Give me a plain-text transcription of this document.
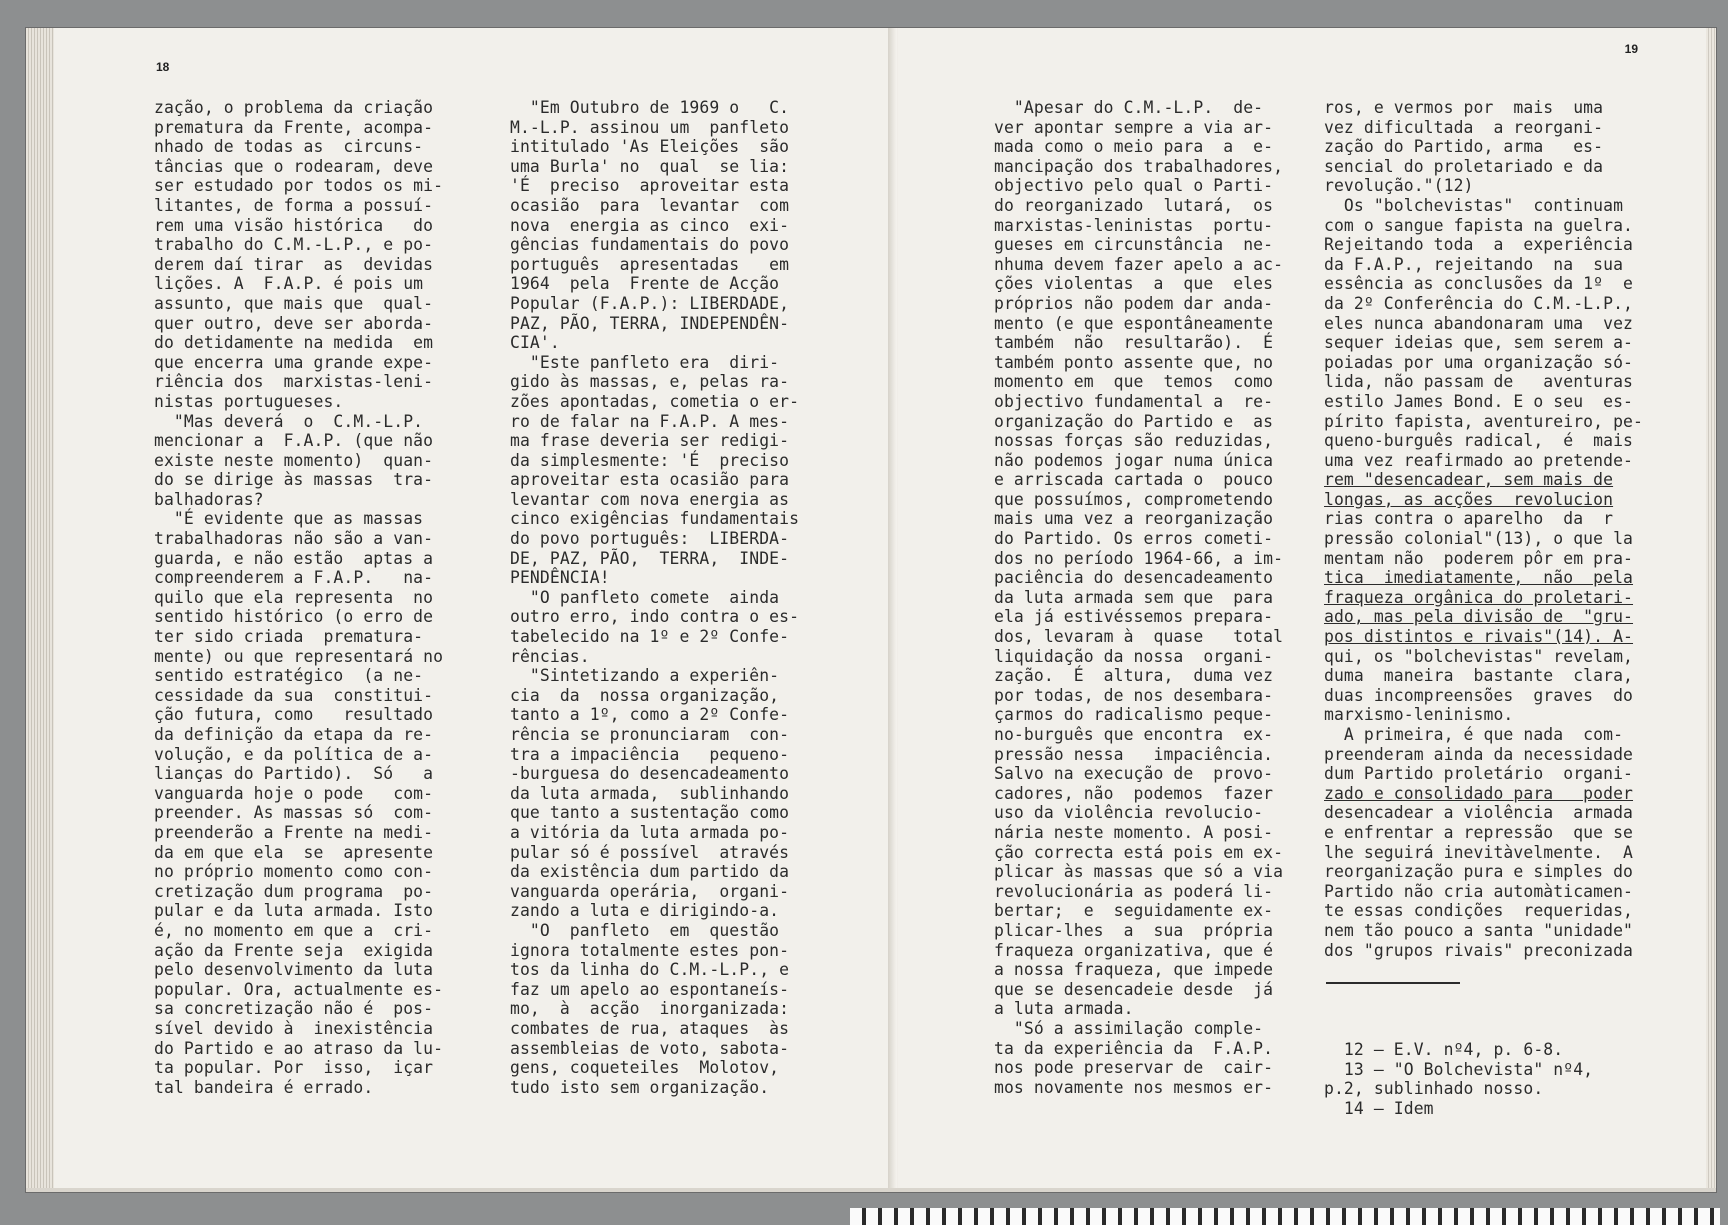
18
zação, o problema da criação
prematura da Frente, acompa-
nhado de todas as  circuns-
tâncias que o rodearam, deve
ser estudado por todos os mi-
litantes, de forma a possuí-
rem uma visão histórica   do
trabalho do C.M.-L.P., e po-
derem daí tirar  as  devidas
lições. A  F.A.P. é pois um
assunto, que mais que  qual-
quer outro, deve ser aborda-
do detidamente na medida  em
que encerra uma grande expe-
riência dos  marxistas-leni-
nistas portugueses.
"Mas deverá  o  C.M.-L.P.
mencionar a  F.A.P. (que não
existe neste momento)  quan-
do se dirige às massas  tra-
balhadoras?
"É evidente que as massas
trabalhadoras não são a van-
guarda, e não estão  aptas a
compreenderem a F.A.P.   na-
quilo que ela representa  no
sentido histórico (o erro de
ter sido criada  prematura-
mente) ou que representará no
sentido estratégico  (a ne-
cessidade da sua  constitui-
ção futura, como   resultado
da definição da etapa da re-
volução, e da política de a-
lianças do Partido).  Só   a
vanguarda hoje o pode   com-
preender. As massas só  com-
preenderão a Frente na medi-
da em que ela  se  apresente
no próprio momento como con-
cretização dum programa  po-
pular e da luta armada. Isto
é, no momento em que a  cri-
ação da Frente seja  exigida
pelo desenvolvimento da luta
popular. Ora, actualmente es-
sa concretização não é  pos-
sível devido à  inexistência
do Partido e ao atraso da lu-
ta popular. Por  isso,  içar
tal bandeira é errado.
"Em Outubro de 1969 o   C.
M.-L.P. assinou um  panfleto
intitulado 'As Eleições  são
uma Burla' no  qual  se lia:
'É  preciso  aproveitar esta
ocasião  para  levantar  com
nova  energia as cinco  exi-
gências fundamentais do povo
português  apresentadas   em
1964  pela  Frente de Acção
Popular (F.A.P.): LIBERDADE,
PAZ, PÃO, TERRA, INDEPENDÊN-
CIA'.
"Este panfleto era  diri-
gido às massas, e, pelas ra-
zões apontadas, cometia o er-
ro de falar na F.A.P. A mes-
ma frase deveria ser redigi-
da simplesmente: 'É  preciso
aproveitar esta ocasião para
levantar com nova energia as
cinco exigências fundamentais
do povo português:  LIBERDA-
DE, PAZ, PÃO,  TERRA,  INDE-
PENDÊNCIA!
"O panfleto comete  ainda
outro erro, indo contra o es-
tabelecido na 1º e 2º Confe-
rências.
"Sintetizando a experiên-
cia  da  nossa organização,
tanto a 1º, como a 2º Confe-
rência se pronunciaram  con-
tra a impaciência   pequeno-
-burguesa do desencadeamento
da luta armada,  sublinhando
que tanto a sustentação como
a vitória da luta armada po-
pular só é possível  através
da existência dum partido da
vanguarda operária,  organi-
zando a luta e dirigindo-a.
"O  panfleto  em  questão
ignora totalmente estes pon-
tos da linha do C.M.-L.P., e
faz um apelo ao espontaneís-
mo,  à  acção  inorganizada:
combates de rua, ataques  às
assembleias de voto, sabota-
gens, coqueteiles  Molotov,
tudo isto sem organização.
19
"Apesar do C.M.-L.P.  de-
ver apontar sempre a via ar-
mada como o meio para  a  e-
mancipação dos trabalhadores,
objectivo pelo qual o Parti-
do reorganizado  lutará,  os
marxistas-leninistas  portu-
gueses em circunstância  ne-
nhuma devem fazer apelo a ac-
ções violentas  a  que  eles
próprios não podem dar anda-
mento (e que espontâneamente
também  não  resultarão).  É
também ponto assente que, no
momento em  que  temos  como
objectivo fundamental a  re-
organização do Partido e  as
nossas forças são reduzidas,
não podemos jogar numa única
e arriscada cartada o  pouco
que possuímos, comprometendo
mais uma vez a reorganização
do Partido. Os erros cometi-
dos no período 1964-66, a im-
paciência do desencadeamento
da luta armada sem que  para
ela já estivéssemos prepara-
dos, levaram à  quase   total
liquidação da nossa  organi-
zação.  É  altura,  duma vez
por todas, de nos desembara-
çarmos do radicalismo peque-
no-burguês que encontra  ex-
pressão nessa   impaciência.
Salvo na execução de  provo-
cadores, não  podemos  fazer
uso da violência revolucio-
nária neste momento. A posi-
ção correcta está pois em ex-
plicar às massas que só a via
revolucionária as poderá li-
bertar;  e  seguidamente ex-
plicar-lhes  a  sua  própria
fraqueza organizativa, que é
a nossa fraqueza, que impede
que se desencadeie desde  já
a luta armada.
"Só a assimilação comple-
ta da experiência da  F.A.P.
nos pode preservar de  cair-
mos novamente nos mesmos er-
ros, e vermos por  mais  uma
vez dificultada  a reorgani-
zação do Partido, arma   es-
sencial do proletariado e da
revolução."(12)
Os "bolchevistas"  continuam
com o sangue fapista na guelra.
Rejeitando toda  a  experiência
da F.A.P., rejeitando  na  sua
essência as conclusões da 1º  e
da 2º Conferência do C.M.-L.P.,
eles nunca abandonaram uma  vez
sequer ideias que, sem serem a-
poiadas por uma organização só-
lida, não passam de   aventuras
estilo James Bond. E o seu  es-
pírito fapista, aventureiro, pe-
queno-burguês radical,  é  mais
uma vez reafirmado ao pretende-
rem "desencadear, sem mais de
longas, as acções  revolucion
rias contra o aparelho  da  r
pressão colonial"(13), o que la
mentam não  poderem pôr em pra-
tica  imediatamente,  não  pela
fraqueza orgânica do proletari-
ado, mas pela divisão de  "gru-
pos distintos e rivais"(14). A-
qui, os "bolchevistas" revelam,
duma  maneira  bastante  clara,
duas incompreensões  graves  do
marxismo-leninismo.
A primeira, é que nada  com-
preenderam ainda da necessidade
dum Partido proletário  organi-
zado e consolidado para   poder
desencadear a violência  armada
e enfrentar a repressão  que se
lhe seguirá inevitàvelmente.  A
reorganização pura e simples do
Partido não cria automàticamen-
te essas condições  requeridas,
nem tão pouco a santa "unidade"
dos "grupos rivais" preconizada
12 — E.V. nº4, p. 6-8.
13 — "O Bolchevista" nº4,
p.2, sublinhado nosso.
14 — Idem
